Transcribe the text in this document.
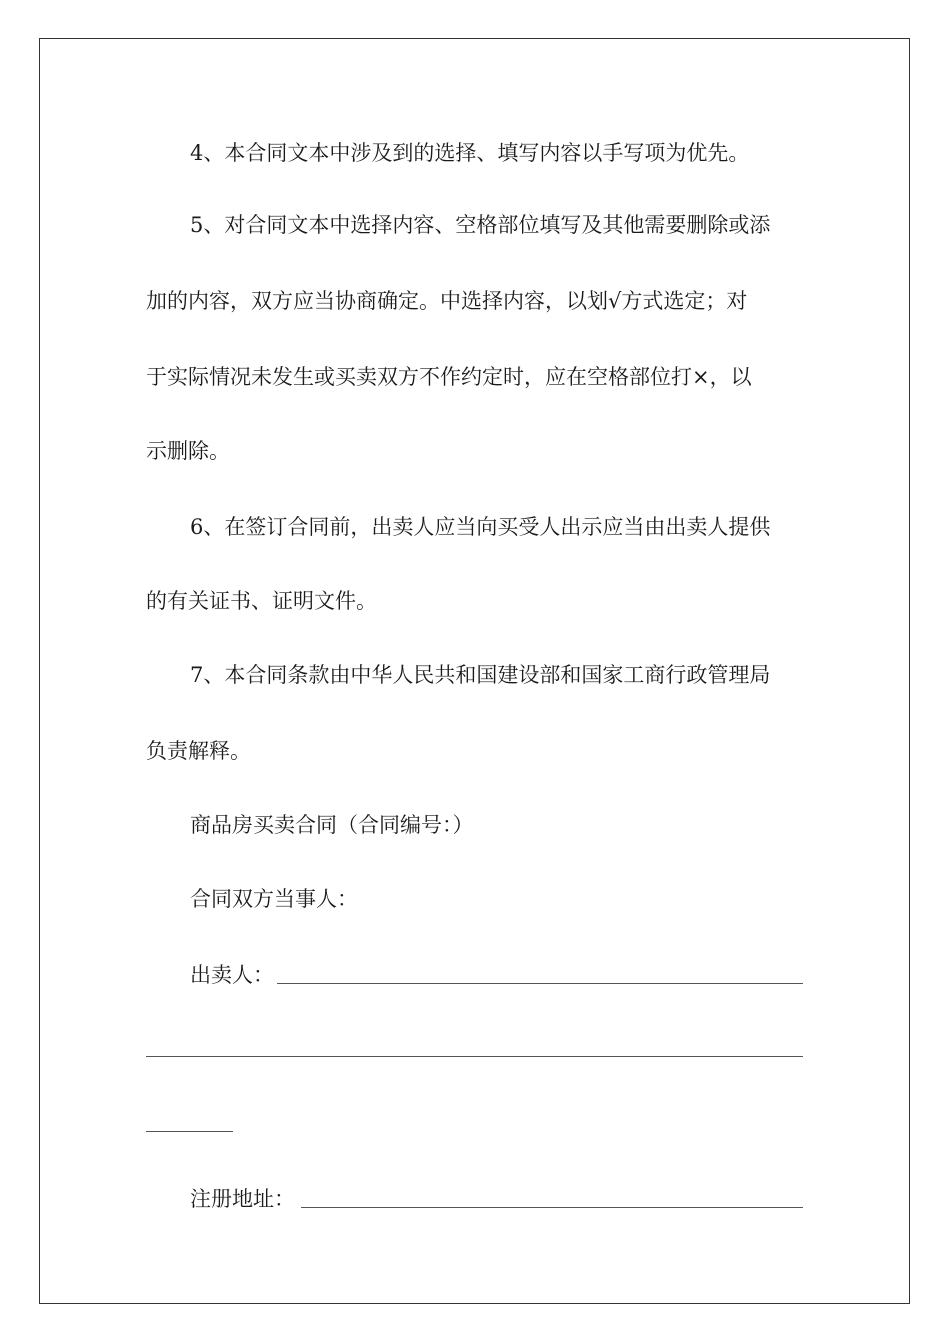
4、本合同文本中涉及到的选择、填写内容以手写项为优先。
5、对合同文本中选择内容、空格部位填写及其他需要删除或添
加的内容，双方应当协商确定。中选择内容，以划√方式选定；对
于实际情况未发生或买卖双方不作约定时，应在空格部位打×，以
示删除。
6、在签订合同前，出卖人应当向买受人出示应当由出卖人提供
的有关证书、证明文件。
7、本合同条款由中华人民共和国建设部和国家工商行政管理局
负责解释。
商品房买卖合同（合同编号：）
合同双方当事人：
出卖人：
注册地址：
